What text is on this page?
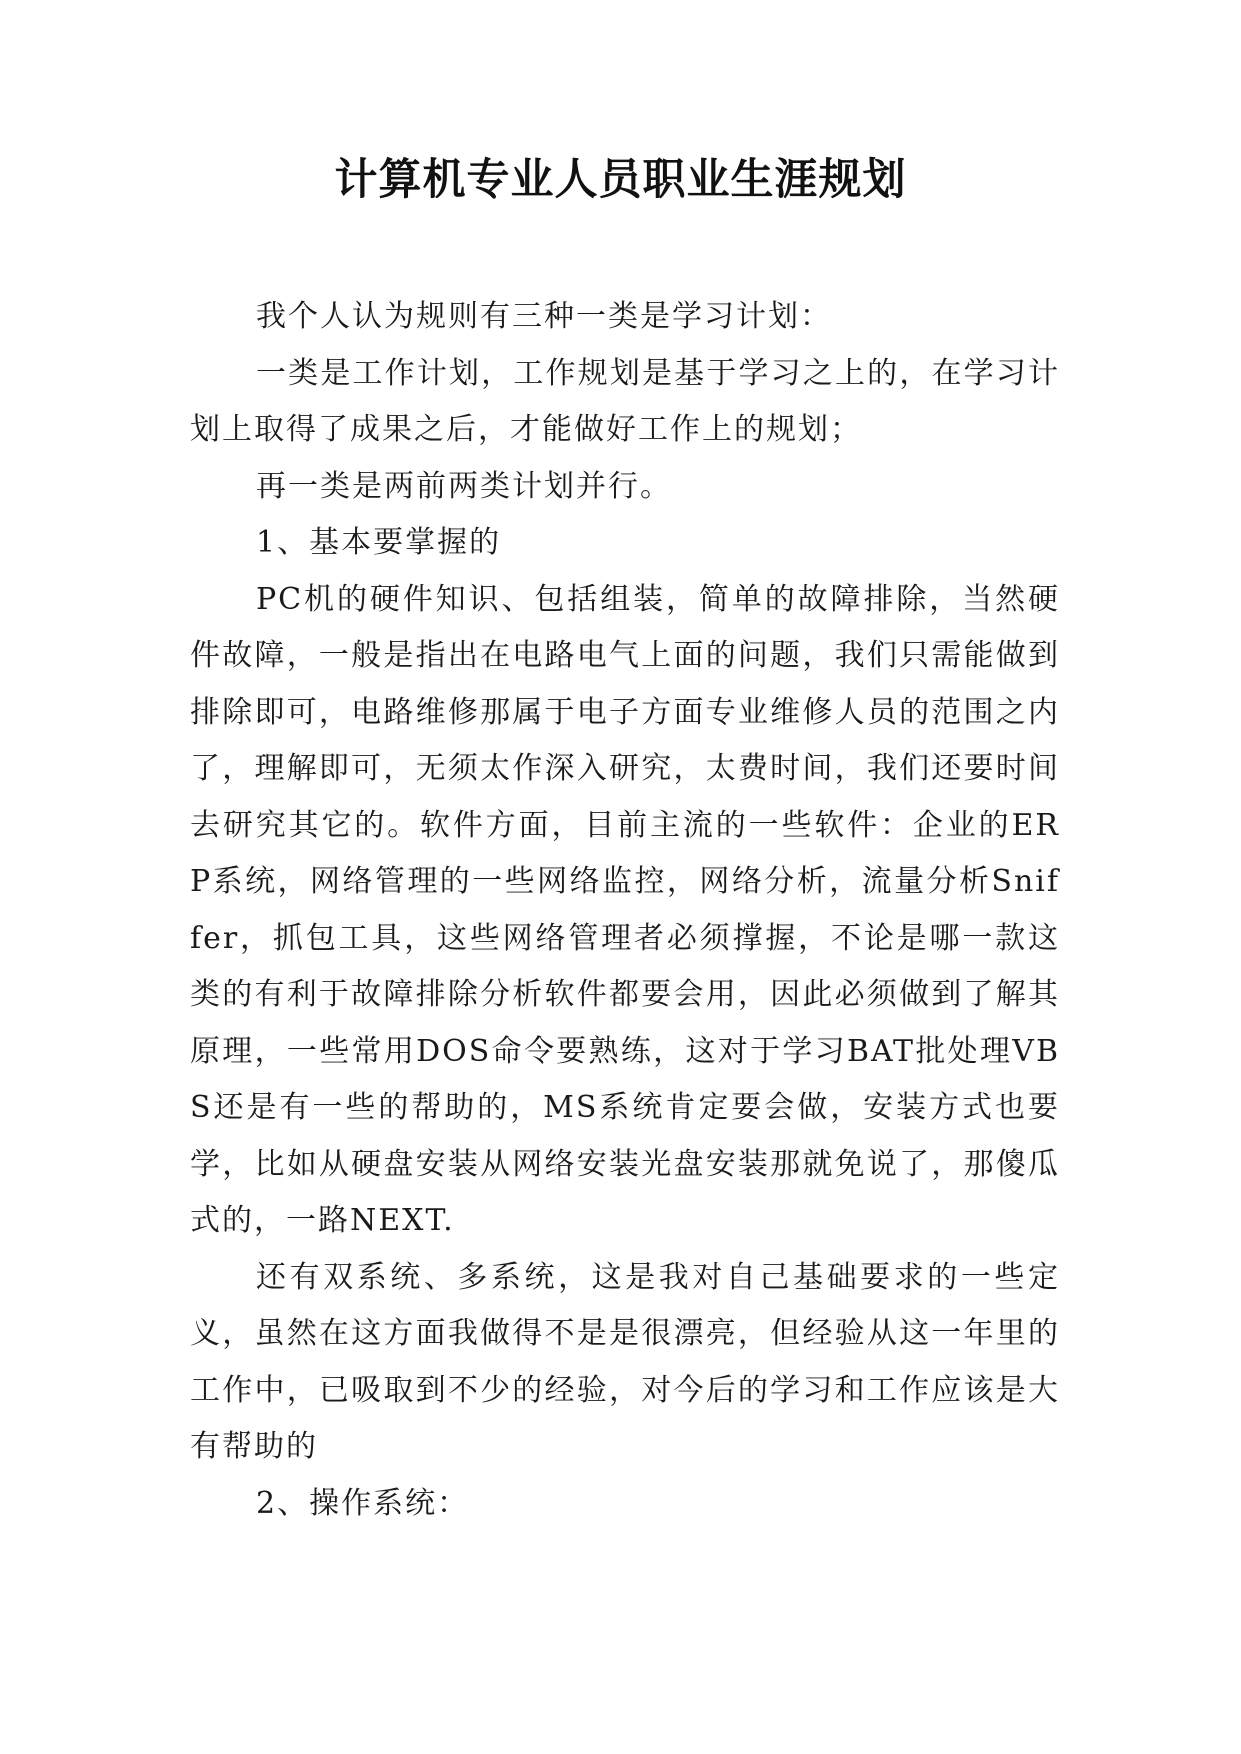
计算机专业人员职业生涯规划

我个人认为规则有三种一类是学习计划：

一类是工作计划，工作规划是基于学习之上的，在学习计划上取得了成果之后，才能做好工作上的规划；

再一类是两前两类计划并行。

1、基本要掌握的

PC机的硬件知识、包括组装，简单的故障排除，当然硬件故障，一般是指出在电路电气上面的问题，我们只需能做到排除即可，电路维修那属于电子方面专业维修人员的范围之内了，理解即可，无须太作深入研究，太费时间，我们还要时间去研究其它的。软件方面，目前主流的一些软件：企业的ERP系统，网络管理的一些网络监控，网络分析，流量分析Sniffer，抓包工具，这些网络管理者必须撑握，不论是哪一款这类的有利于故障排除分析软件都要会用，因此必须做到了解其原理，一些常用DOS命令要熟练，这对于学习BAT批处理VBS还是有一些的帮助的，MS系统肯定要会做，安装方式也要学，比如从硬盘安装从网络安装光盘安装那就免说了，那傻瓜式的，一路NEXT.

还有双系统、多系统，这是我对自己基础要求的一些定义，虽然在这方面我做得不是是很漂亮，但经验从这一年里的工作中，已吸取到不少的经验，对今后的学习和工作应该是大有帮助的

2、操作系统：
